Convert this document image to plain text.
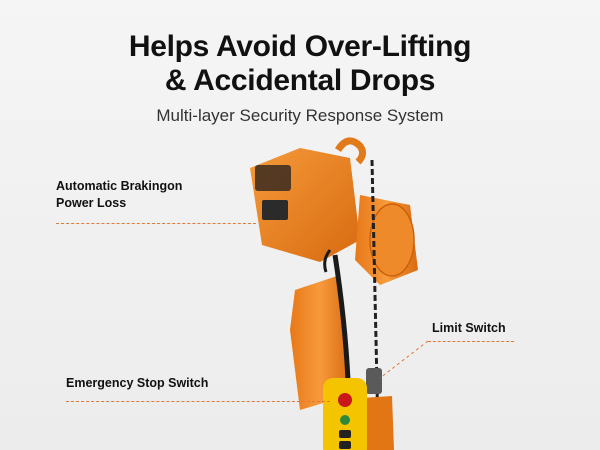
Helps Avoid Over-Lifting
& Accidental Drops
Multi-layer Security Response System
Automatic Brakingon
Power Loss
Limit Switch
Emergency Stop Switch
